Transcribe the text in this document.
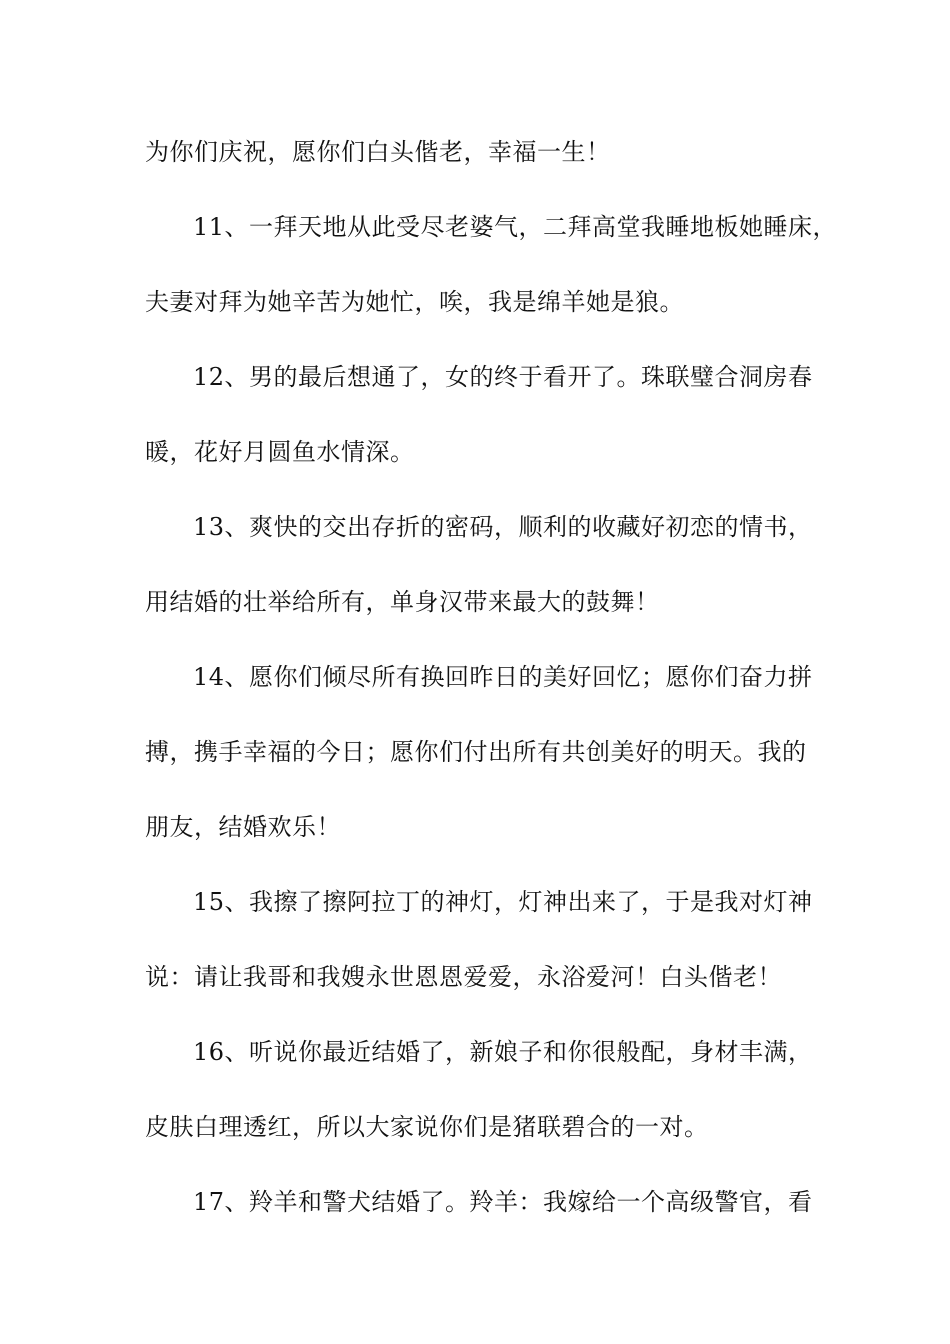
为你们庆祝，愿你们白头偕老，幸福一生！
11、一拜天地从此受尽老婆气，二拜高堂我睡地板她睡床，
夫妻对拜为她辛苦为她忙，唉，我是绵羊她是狼。
12、男的最后想通了，女的终于看开了。珠联璧合洞房春
暖，花好月圆鱼水情深。
13、爽快的交出存折的密码，顺利的收藏好初恋的情书，
用结婚的壮举给所有，单身汉带来最大的鼓舞！
14、愿你们倾尽所有换回昨日的美好回忆；愿你们奋力拼
搏，携手幸福的今日；愿你们付出所有共创美好的明天。我的
朋友，结婚欢乐！
15、我擦了擦阿拉丁的神灯，灯神出来了，于是我对灯神
说：请让我哥和我嫂永世恩恩爱爱，永浴爱河！白头偕老！
16、听说你最近结婚了，新娘子和你很般配，身材丰满，
皮肤白理透红，所以大家说你们是猪联碧合的一对。
17、羚羊和警犬结婚了。羚羊：我嫁给一个高级警官，看
